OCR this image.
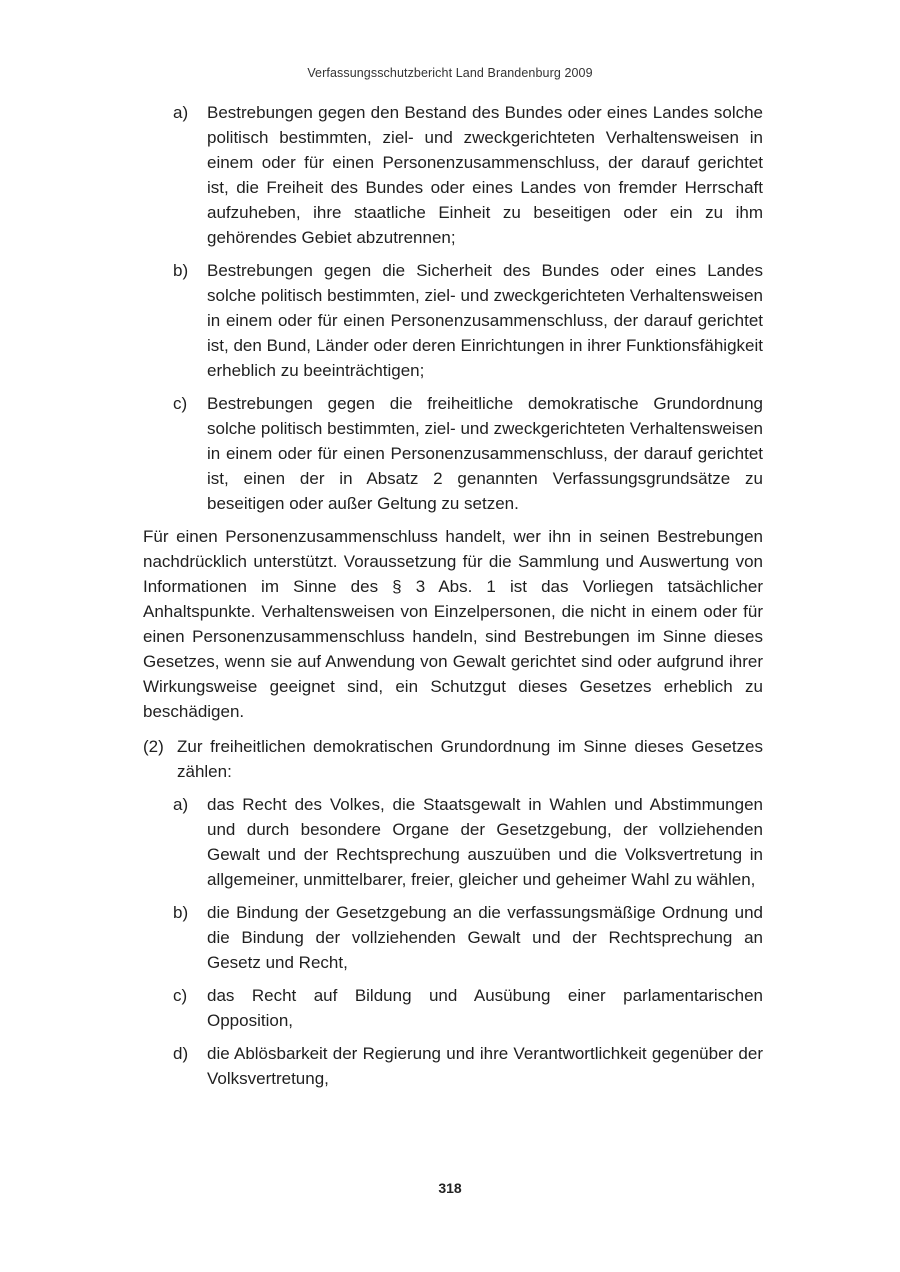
Verfassungsschutzbericht Land Brandenburg 2009
a) Bestrebungen gegen den Bestand des Bundes oder eines Landes solche politisch bestimmten, ziel- und zweckgerichteten Verhaltensweisen in einem oder für einen Personenzusammenschluss, der darauf gerichtet ist, die Freiheit des Bundes oder eines Landes von fremder Herrschaft aufzuheben, ihre staatliche Einheit zu beseitigen oder ein zu ihm gehörendes Gebiet abzutrennen;
b) Bestrebungen gegen die Sicherheit des Bundes oder eines Landes solche politisch bestimmten, ziel- und zweckgerichteten Verhaltensweisen in einem oder für einen Personenzusammenschluss, der darauf gerichtet ist, den Bund, Länder oder deren Einrichtungen in ihrer Funktionsfähigkeit erheblich zu beeinträchtigen;
c) Bestrebungen gegen die freiheitliche demokratische Grundordnung solche politisch bestimmten, ziel- und zweckgerichteten Verhaltensweisen in einem oder für einen Personenzusammenschluss, der darauf gerichtet ist, einen der in Absatz 2 genannten Verfassungsgrundsätze zu beseitigen oder außer Geltung zu setzen.

Für einen Personenzusammenschluss handelt, wer ihn in seinen Bestrebungen nachdrücklich unterstützt. Voraussetzung für die Sammlung und Auswertung von Informationen im Sinne des § 3 Abs. 1 ist das Vorliegen tatsächlicher Anhaltspunkte. Verhaltensweisen von Einzelpersonen, die nicht in einem oder für einen Personenzusammenschluss handeln, sind Bestrebungen im Sinne dieses Gesetzes, wenn sie auf Anwendung von Gewalt gerichtet sind oder aufgrund ihrer Wirkungsweise geeignet sind, ein Schutzgut dieses Gesetzes erheblich zu beschädigen.

(2) Zur freiheitlichen demokratischen Grundordnung im Sinne dieses Gesetzes zählen:
a) das Recht des Volkes, die Staatsgewalt in Wahlen und Abstimmungen und durch besondere Organe der Gesetzgebung, der vollziehenden Gewalt und der Rechtsprechung auszuüben und die Volksvertretung in allgemeiner, unmittelbarer, freier, gleicher und geheimer Wahl zu wählen,
b) die Bindung der Gesetzgebung an die verfassungsmäßige Ordnung und die Bindung der vollziehenden Gewalt und der Rechtsprechung an Gesetz und Recht,
c) das Recht auf Bildung und Ausübung einer parlamentarischen Opposition,
d) die Ablösbarkeit der Regierung und ihre Verantwortlichkeit gegenüber der Volksvertretung,
318
